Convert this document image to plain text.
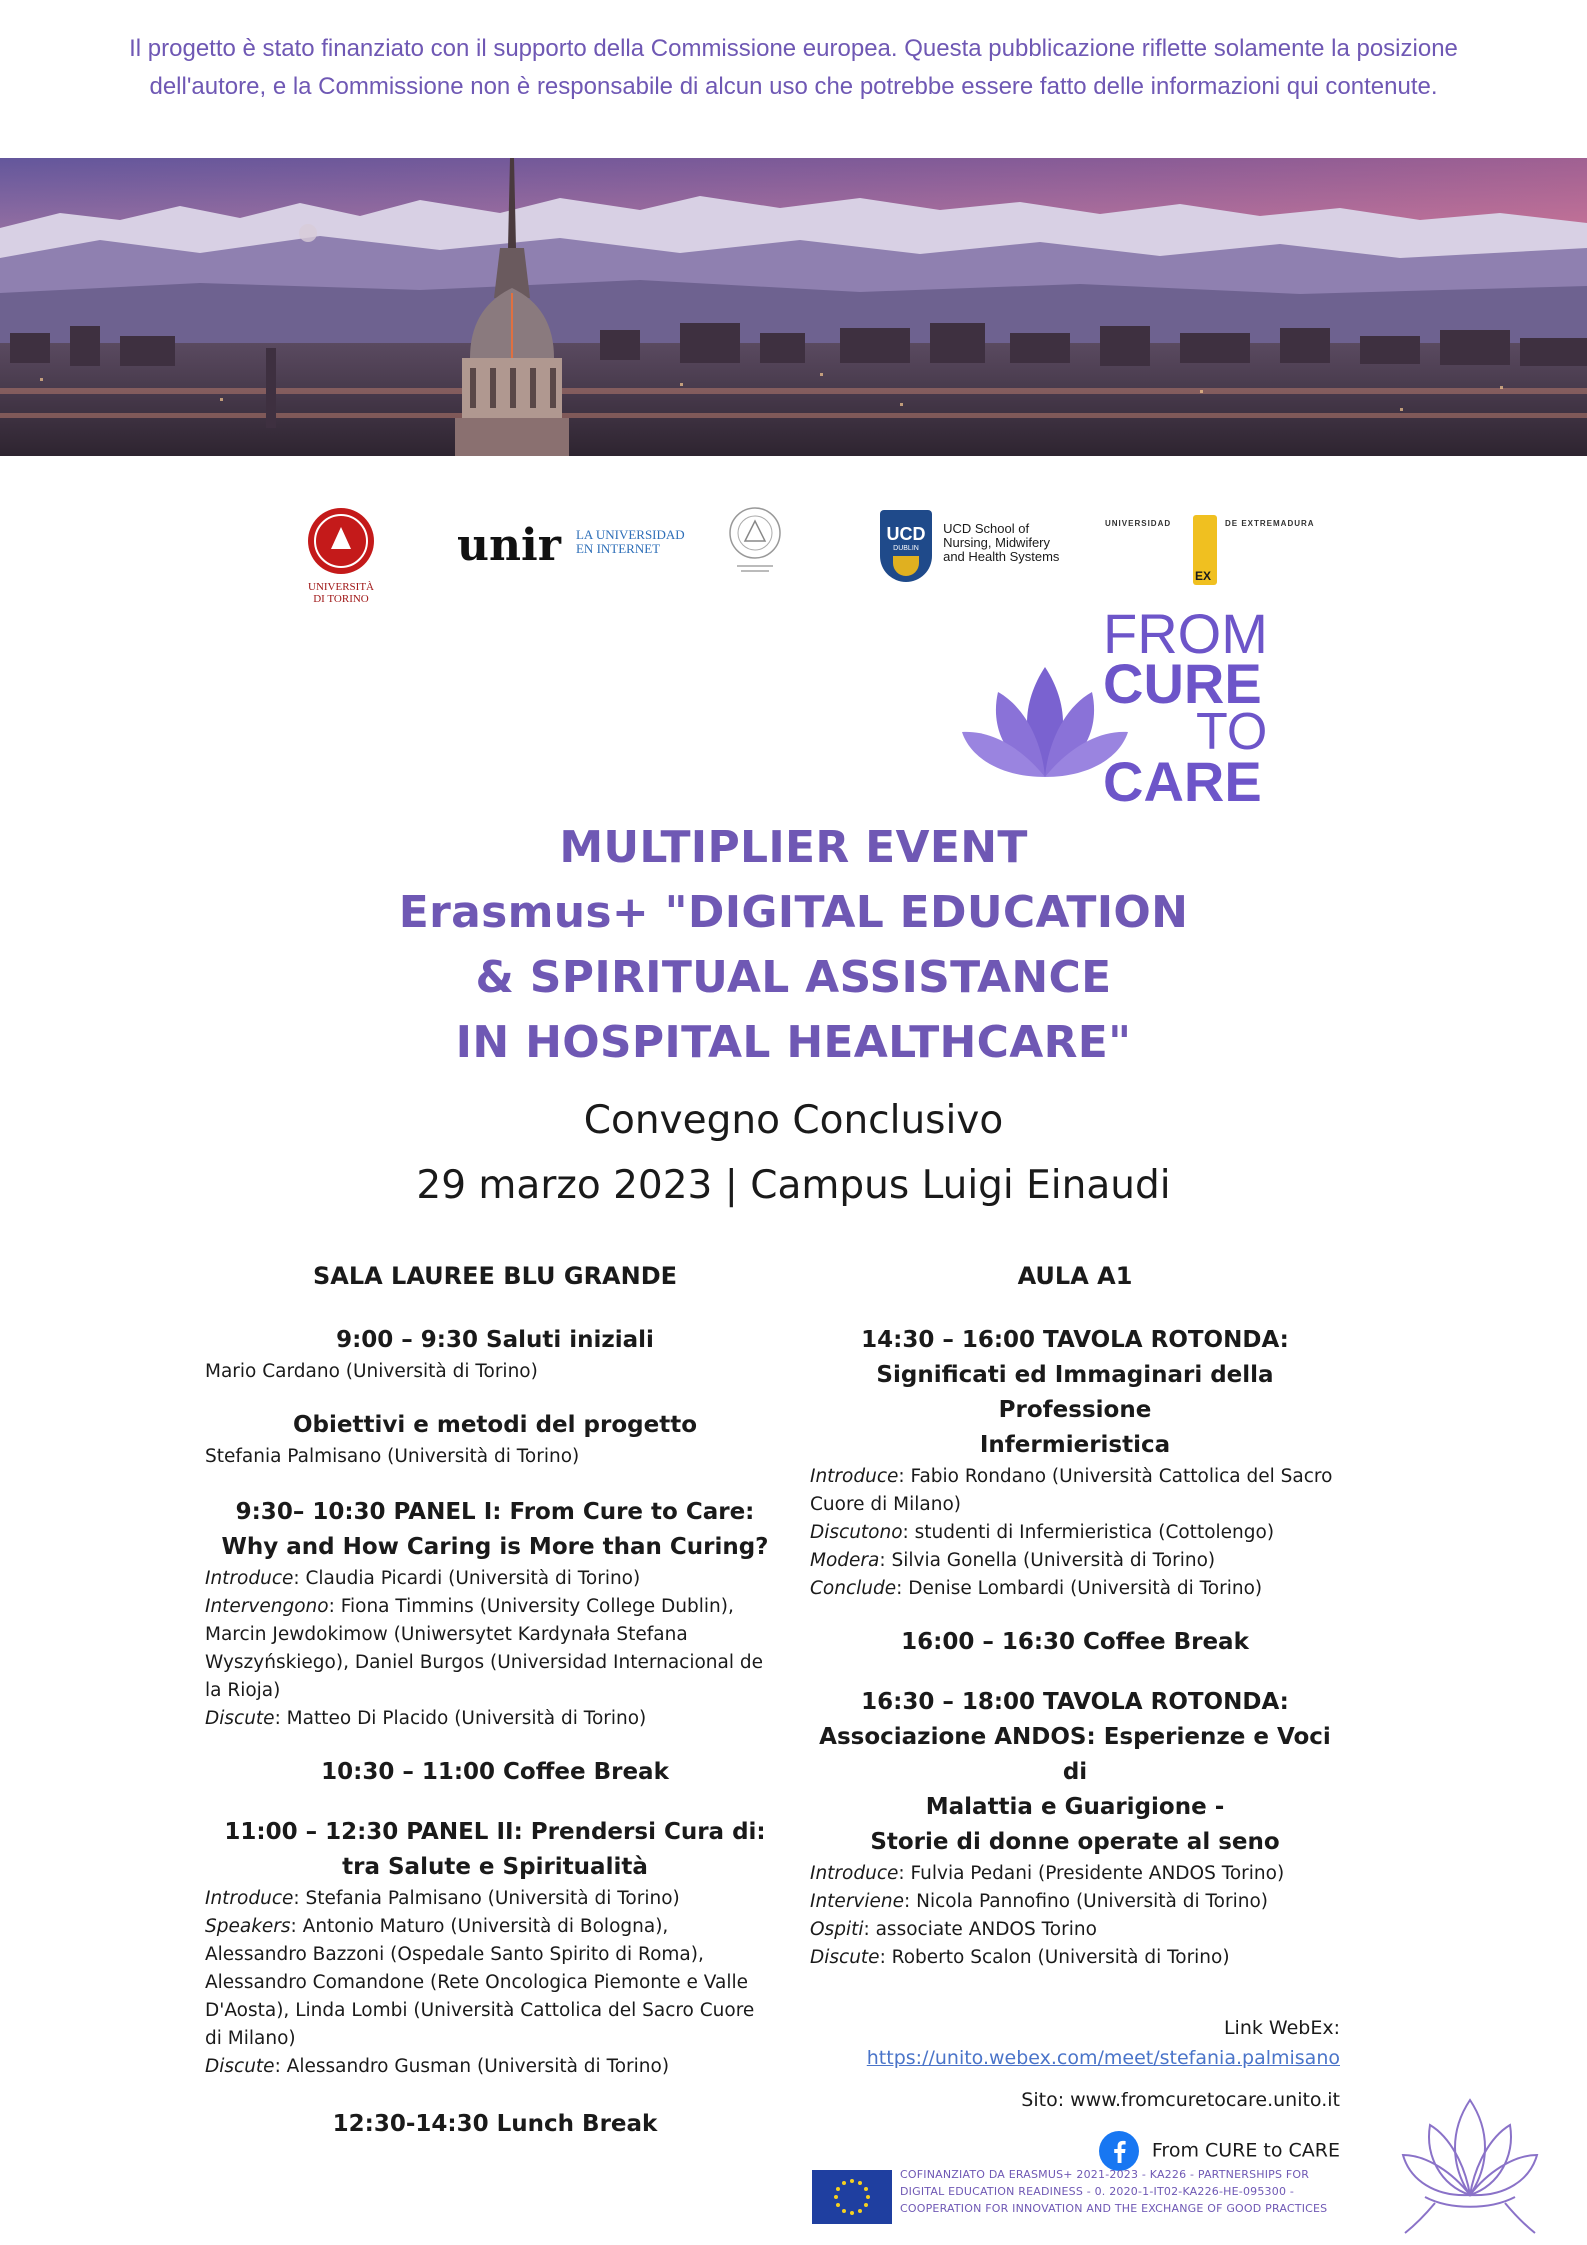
Il progetto è stato finanziato con il supporto della Commissione europea. Questa pubblicazione riflette solamente la posizione
dell'autore, e la Commissione non è responsabile di alcun uso che potrebbe essere fatto delle informazioni qui contenute.
UNIVERSITÀ DI TORINO
unir LA UNIVERSIDAD
EN INTERNET
UCD
DUBLIN

UCD School of
Nursing, Midwifery
and Health Systems
UNIVERSIDAD
EX
DE EXTREMADURA
FROM
CURE
TO
CARE
MULTIPLIER EVENT
Erasmus+ "DIGITAL EDUCATION
& SPIRITUAL ASSISTANCE
IN HOSPITAL HEALTHCARE"
Convegno Conclusivo
29 marzo 2023 | Campus Luigi Einaudi
SALA LAUREE BLU GRANDE
9:00 – 9:30 Saluti iniziali
Mario Cardano (Università di Torino)
Obiettivi e metodi del progetto
Stefania Palmisano (Università di Torino)
9:30– 10:30 PANEL I: From Cure to Care:
Why and How Caring is More than Curing?
Introduce: Claudia Picardi (Università di Torino)
Intervengono: Fiona Timmins (University College Dublin),
Marcin Jewdokimow (Uniwersytet Kardynała Stefana
Wyszyńskiego), Daniel Burgos (Universidad Internacional de
la Rioja)
Discute: Matteo Di Placido (Università di Torino)
10:30 – 11:00 Coffee Break
11:00 – 12:30 PANEL II: Prendersi Cura di:
tra Salute e Spiritualità
Introduce: Stefania Palmisano (Università di Torino)
Speakers: Antonio Maturo (Università di Bologna),
Alessandro Bazzoni (Ospedale Santo Spirito di Roma),
Alessandro Comandone (Rete Oncologica Piemonte e Valle
D'Aosta), Linda Lombi (Università Cattolica del Sacro Cuore
di Milano)
Discute: Alessandro Gusman (Università di Torino)
12:30-14:30 Lunch Break
AULA A1
14:30 – 16:00 TAVOLA ROTONDA:
Significati ed Immaginari della Professione
Infermieristica
Introduce: Fabio Rondano (Università Cattolica del Sacro
Cuore di Milano)
Discutono: studenti di Infermieristica (Cottolengo)
Modera: Silvia Gonella (Università di Torino)
Conclude: Denise Lombardi (Università di Torino)
16:00 – 16:30 Coffee Break
16:30 – 18:00 TAVOLA ROTONDA:
Associazione ANDOS: Esperienze e Voci di
Malattia e Guarigione -
Storie di donne operate al seno
Introduce: Fulvia Pedani (Presidente ANDOS Torino)
Interviene: Nicola Pannofino (Università di Torino)
Ospiti: associate ANDOS Torino
Discute: Roberto Scalon (Università di Torino)
Link WebEx:
https://unito.webex.com/meet/stefania.palmisano
Sito: www.fromcuretocare.unito.it
From CURE to CARE
COFINANZIATO DA ERASMUS+ 2021-2023 - KA226 - PARTNERSHIPS FOR
DIGITAL EDUCATION READINESS - 0. 2020-1-IT02-KA226-HE-095300 -
COOPERATION FOR INNOVATION AND THE EXCHANGE OF GOOD PRACTICES
